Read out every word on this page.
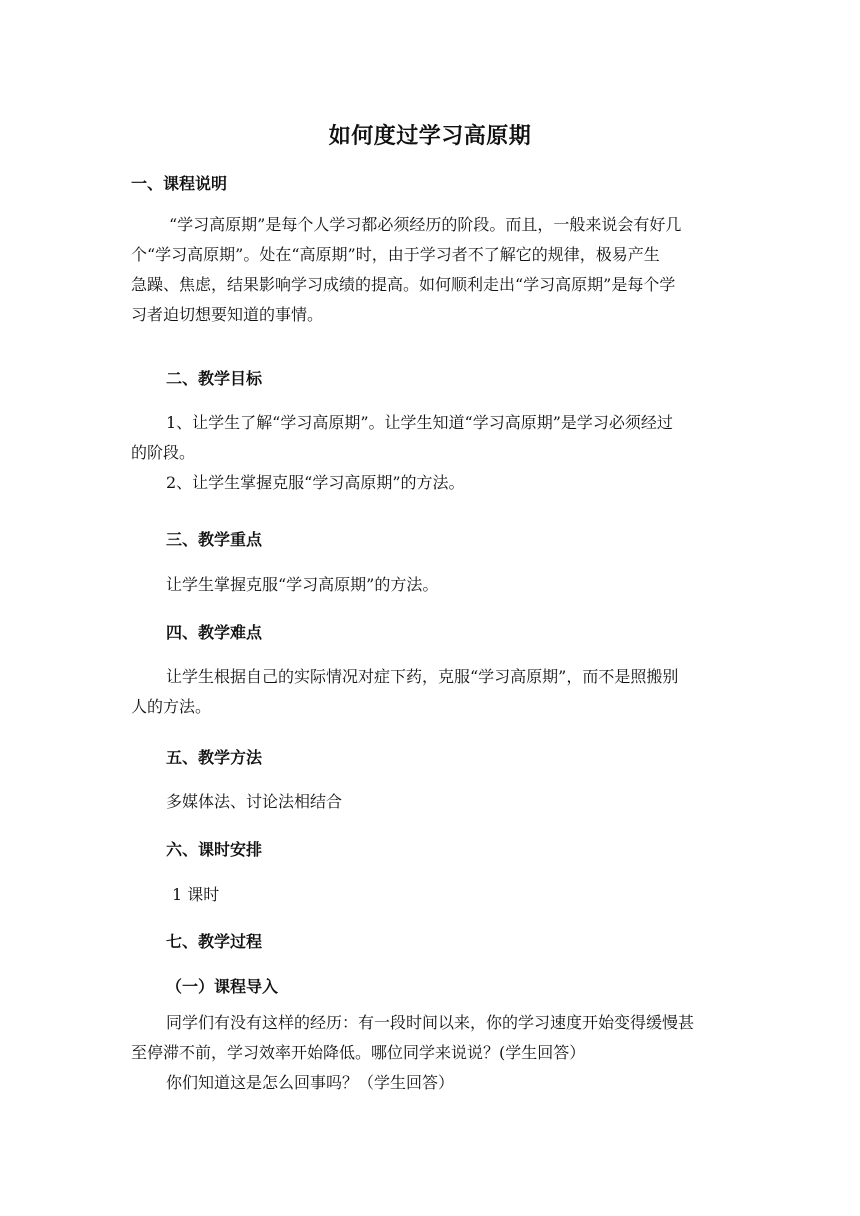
如何度过学习高原期
一、课程说明
“学习高原期”是每个人学习都必须经历的阶段。而且，一般来说会有好几
个“学习高原期”。处在“高原期”时，由于学习者不了解它的规律，极易产生
急躁、焦虑，结果影响学习成绩的提高。如何顺利走出“学习高原期”是每个学
习者迫切想要知道的事情。
二、教学目标
1、让学生了解“学习高原期”。让学生知道“学习高原期”是学习必须经过
的阶段。
2、让学生掌握克服“学习高原期”的方法。
三、教学重点
让学生掌握克服“学习高原期”的方法。
四、教学难点
让学生根据自己的实际情况对症下药，克服“学习高原期”，而不是照搬别
人的方法。
五、教学方法
多媒体法、讨论法相结合
六、课时安排
1 课时
七、教学过程
（一）课程导入
同学们有没有这样的经历：有一段时间以来，你的学习速度开始变得缓慢甚
至停滞不前，学习效率开始降低。哪位同学来说说？(学生回答）
你们知道这是怎么回事吗？（学生回答）
